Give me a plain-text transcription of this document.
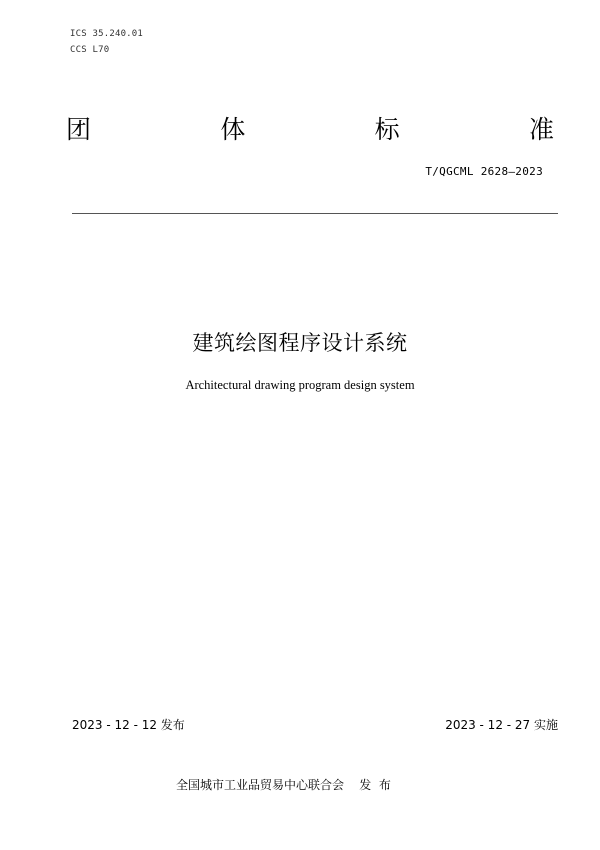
ICS 35.240.01
CCS L70
团	体	标	准
T/QGCML 2628—2023
建筑绘图程序设计系统
Architectural drawing program design system
2023 - 12 - 12 发布	2023 - 12 - 27 实施
全国城市工业品贸易中心联合会    发  布
